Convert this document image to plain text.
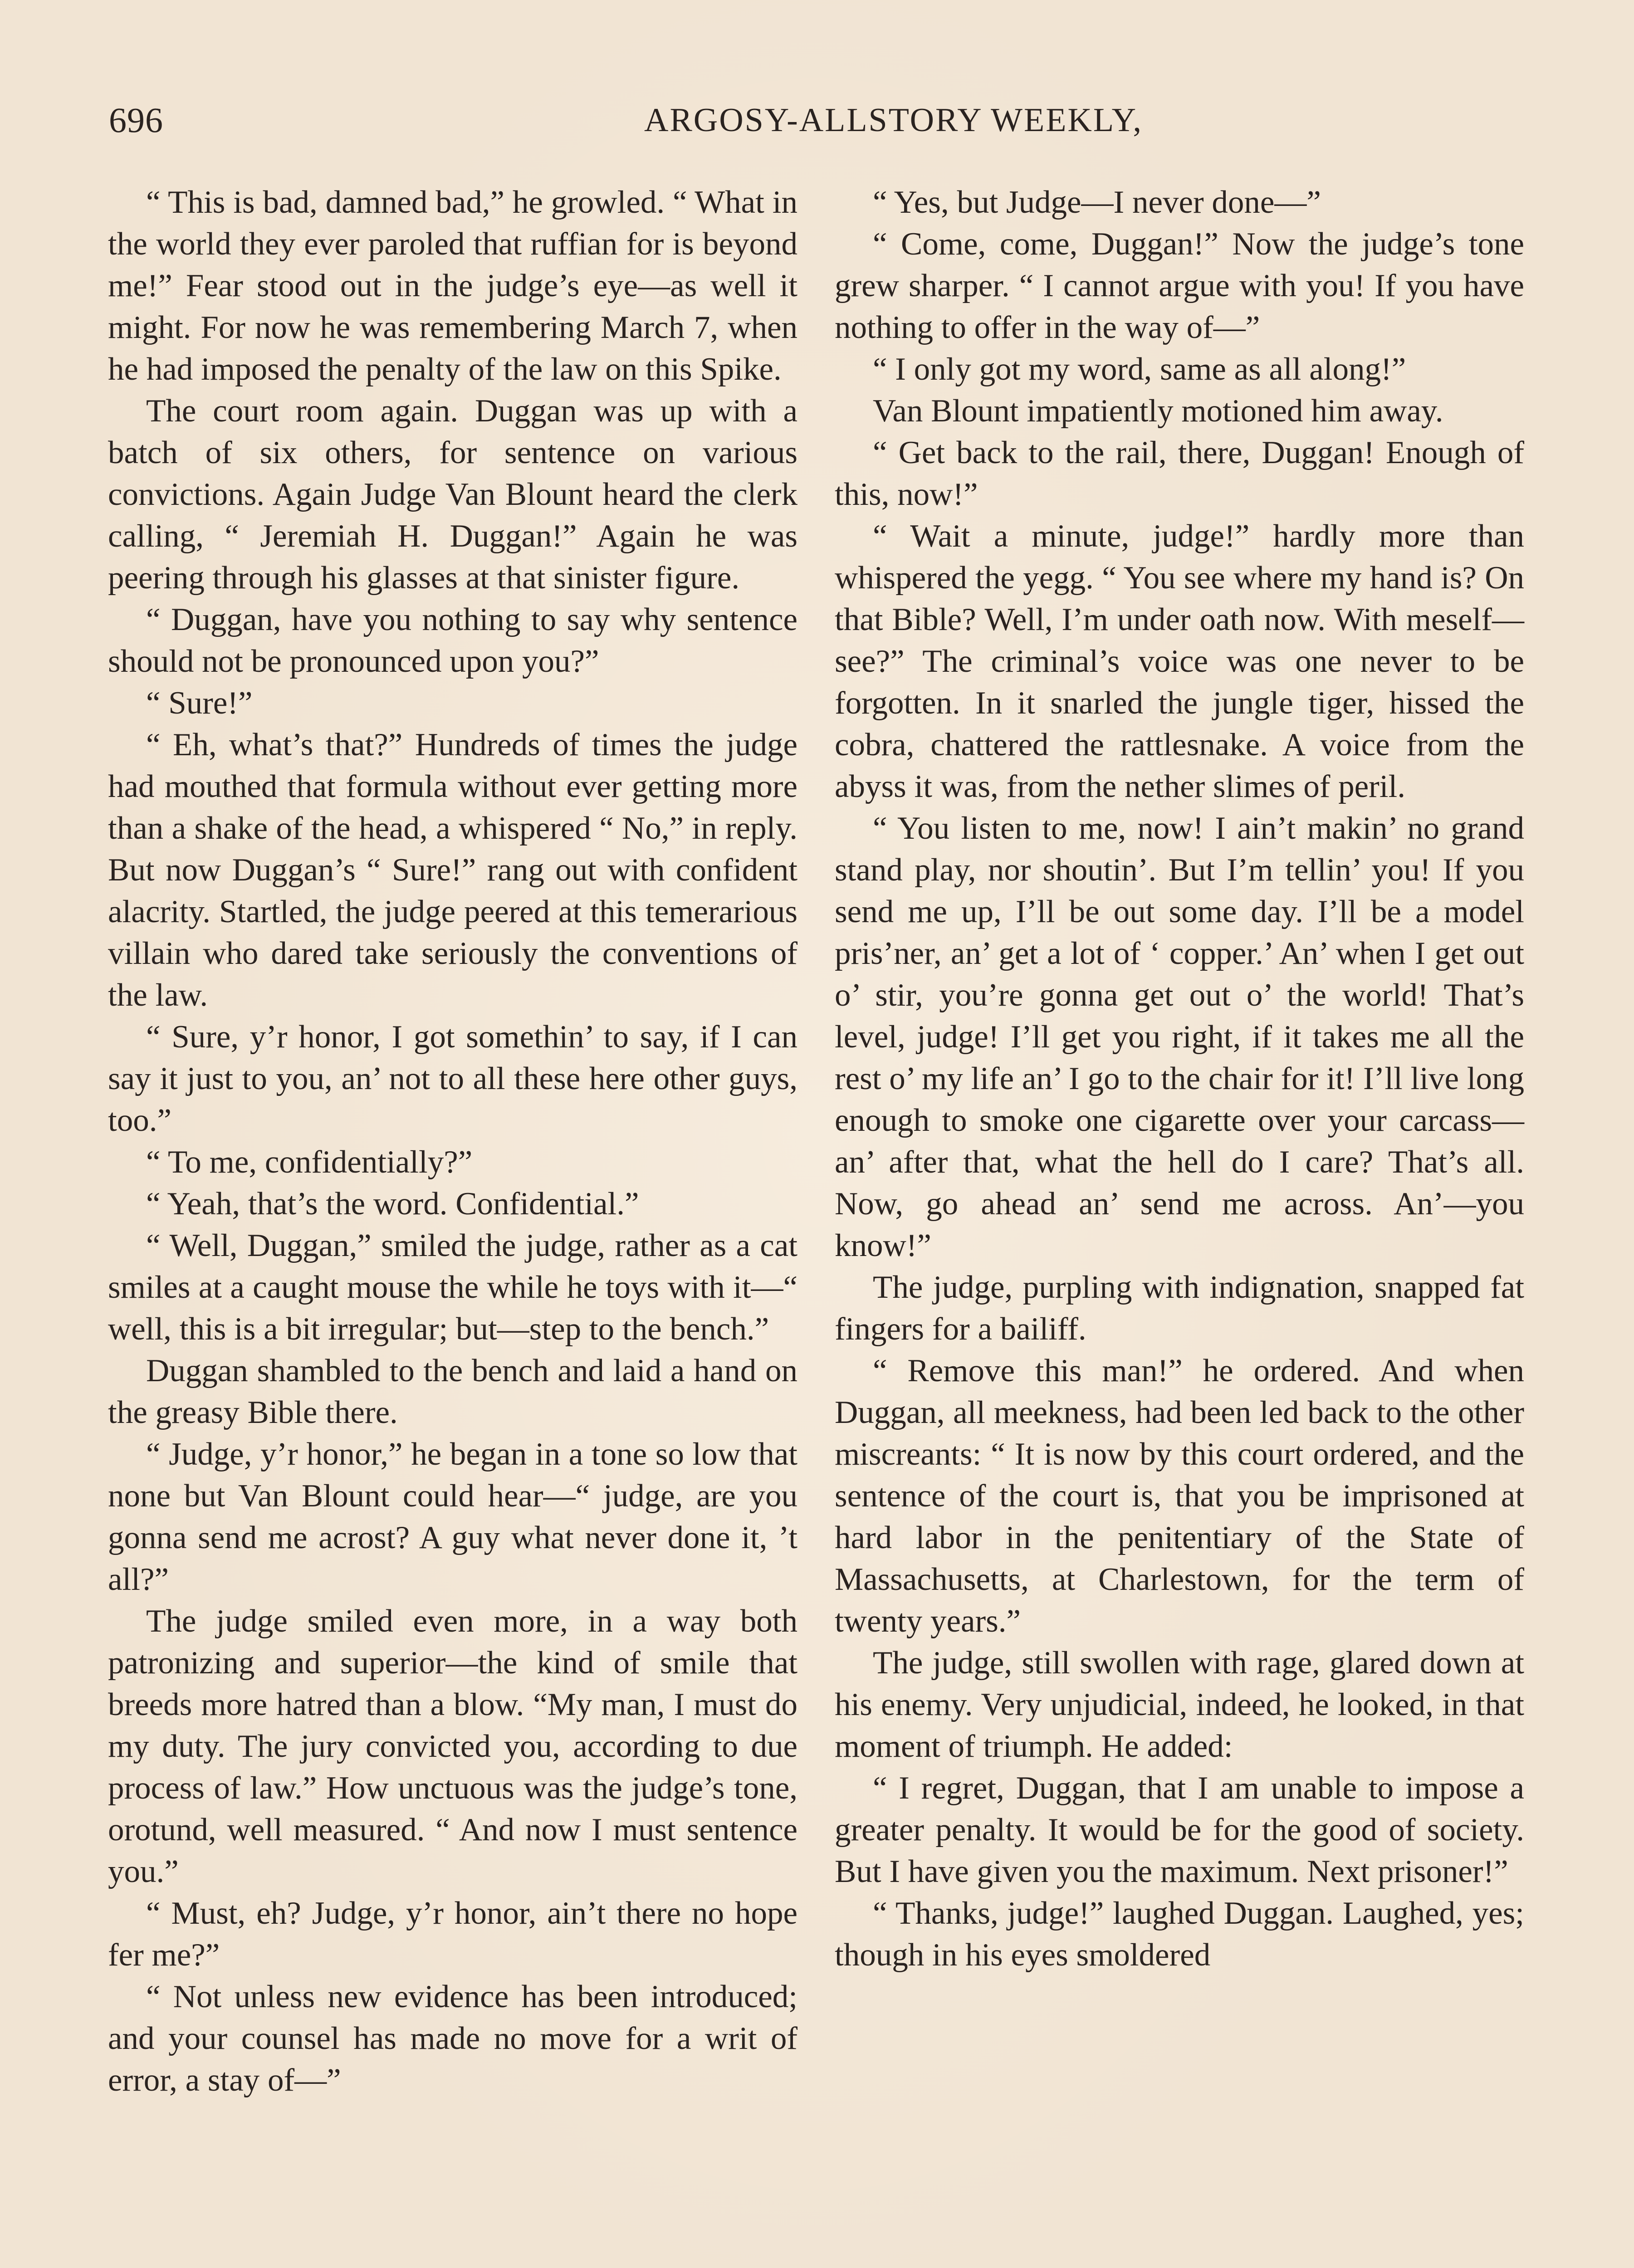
696	ARGOSY-ALLSTORY WEEKLY,

“ This is bad, damned bad,” he growled. “ What in the world they ever paroled that ruffian for is beyond me!” Fear stood out in the judge’s eye—as well it might. For now he was remembering March 7, when he had imposed the penalty of the law on this Spike.

The court room again. Duggan was up with a batch of six others, for sentence on various convictions. Again Judge Van Blount heard the clerk calling, “ Jeremiah H. Duggan!” Again he was peering through his glasses at that sinister figure.

“ Duggan, have you nothing to say why sentence should not be pronounced upon you?”

“ Sure!”

“ Eh, what’s that?” Hundreds of times the judge had mouthed that formula without ever getting more than a shake of the head, a whispered “ No,” in reply. But now Duggan’s “ Sure!” rang out with confident alacrity. Startled, the judge peered at this temerarious villain who dared take seriously the conventions of the law.

“ Sure, y’r honor, I got somethin’ to say, if I can say it just to you, an’ not to all these here other guys, too.”

“ To me, confidentially?”

“ Yeah, that’s the word. Confidential.”

“ Well, Duggan,” smiled the judge, rather as a cat smiles at a caught mouse the while he toys with it—“ well, this is a bit irregular; but—step to the bench.”

Duggan shambled to the bench and laid a hand on the greasy Bible there.

“ Judge, y’r honor,” he began in a tone so low that none but Van Blount could hear—“ judge, are you gonna send me acrost? A guy what never done it, ’t all?”

The judge smiled even more, in a way both patronizing and superior—the kind of smile that breeds more hatred than a blow. “My man, I must do my duty. The jury convicted you, according to due process of law.” How unctuous was the judge’s tone, orotund, well measured. “ And now I must sentence you.”

“ Must, eh? Judge, y’r honor, ain’t there no hope fer me?”

“ Not unless new evidence has been introduced; and your counsel has made no move for a writ of error, a stay of—”

“ Yes, but Judge—I never done—”

“ Come, come, Duggan!” Now the judge’s tone grew sharper. “ I cannot argue with you! If you have nothing to offer in the way of—”

“ I only got my word, same as all along!”

Van Blount impatiently motioned him away.

“ Get back to the rail, there, Duggan! Enough of this, now!”

“ Wait a minute, judge!” hardly more than whispered the yegg. “ You see where my hand is? On that Bible? Well, I’m under oath now. With meself—see?” The criminal’s voice was one never to be forgotten. In it snarled the jungle tiger, hissed the cobra, chattered the rattlesnake. A voice from the abyss it was, from the nether slimes of peril.

“ You listen to me, now! I ain’t makin’ no grand stand play, nor shoutin’. But I’m tellin’ you! If you send me up, I’ll be out some day. I’ll be a model pris’ner, an’ get a lot of ‘ copper.’ An’ when I get out o’ stir, you’re gonna get out o’ the world! That’s level, judge! I’ll get you right, if it takes me all the rest o’ my life an’ I go to the chair for it! I’ll live long enough to smoke one cigarette over your carcass—an’ after that, what the hell do I care? That’s all. Now, go ahead an’ send me across. An’—you know!”

The judge, purpling with indignation, snapped fat fingers for a bailiff.

“ Remove this man!” he ordered. And when Duggan, all meekness, had been led back to the other miscreants: “ It is now by this court ordered, and the sentence of the court is, that you be imprisoned at hard labor in the penitentiary of the State of Massachusetts, at Charlestown, for the term of twenty years.”

The judge, still swollen with rage, glared down at his enemy. Very unjudicial, indeed, he looked, in that moment of triumph. He added:

“ I regret, Duggan, that I am unable to impose a greater penalty. It would be for the good of society. But I have given you the maximum. Next prisoner!”

“ Thanks, judge!” laughed Duggan. Laughed, yes; though in his eyes smoldered
